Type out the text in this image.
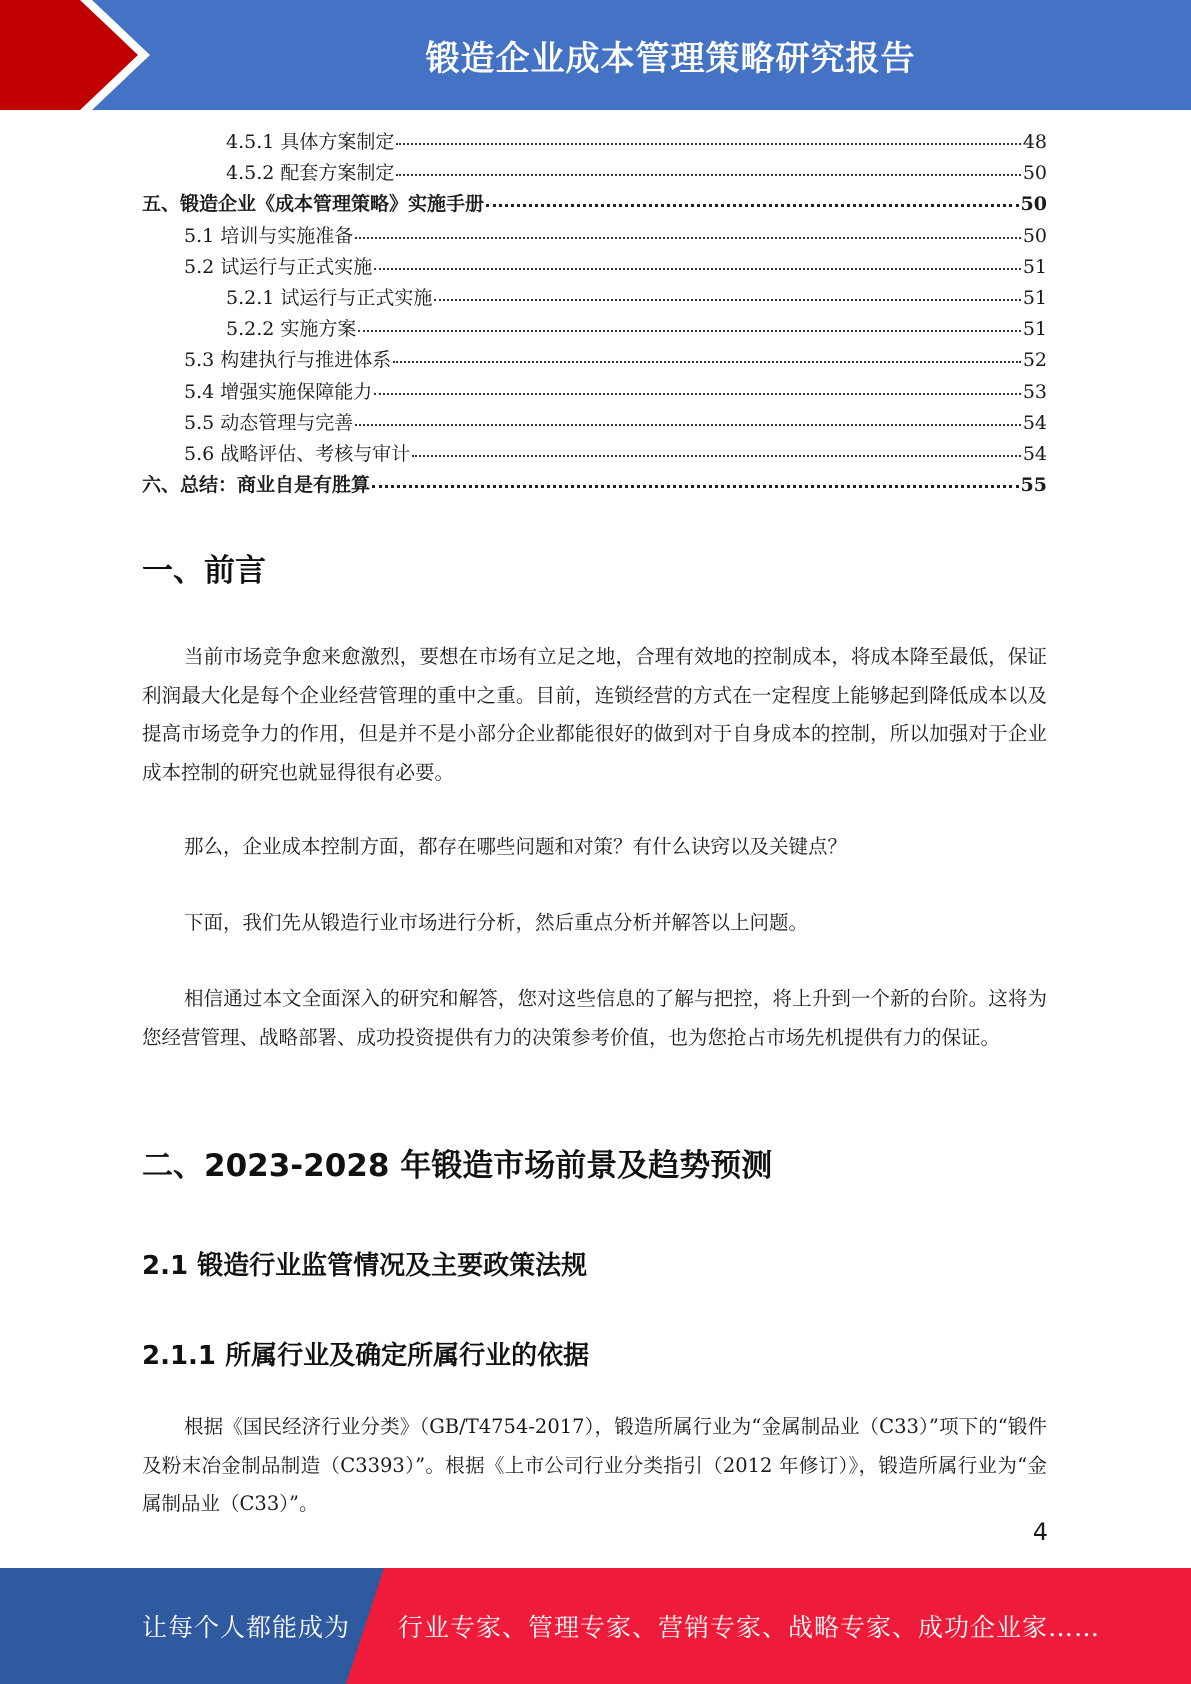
锻造企业成本管理策略研究报告
4.5.1 具体方案制定	48
4.5.2 配套方案制定	50
五、锻造企业《成本管理策略》实施手册	50
5.1 培训与实施准备	50
5.2 试运行与正式实施	51
5.2.1 试运行与正式实施	51
5.2.2 实施方案	51
5.3 构建执行与推进体系	52
5.4 增强实施保障能力	53
5.5 动态管理与完善	54
5.6 战略评估、考核与审计	54
六、总结：商业自是有胜算	55
一、前言

当前市场竞争愈来愈激烈，要想在市场有立足之地，合理有效地的控制成本，将成本降至最低，保证利润最大化是每个企业经营管理的重中之重。目前，连锁经营的方式在一定程度上能够起到降低成本以及提高市场竞争力的作用，但是并不是小部分企业都能很好的做到对于自身成本的控制，所以加强对于企业成本控制的研究也就显得很有必要。

那么，企业成本控制方面，都存在哪些问题和对策？有什么诀窍以及关键点？

下面，我们先从锻造行业市场进行分析，然后重点分析并解答以上问题。

相信通过本文全面深入的研究和解答，您对这些信息的了解与把控，将上升到一个新的台阶。这将为您经营管理、战略部署、成功投资提供有力的决策参考价值，也为您抢占市场先机提供有力的保证。

二、2023-2028 年锻造市场前景及趋势预测
2.1 锻造行业监管情况及主要政策法规
2.1.1 所属行业及确定所属行业的依据

根据《国民经济行业分类》（GB/T4754-2017），锻造所属行业为“金属制品业（C33）”项下的“锻件及粉末冶金制品制造（C3393）”。根据《上市公司行业分类指引（2012 年修订）》，锻造所属行业为“金属制品业（C33）”。

4
让每个人都能成为 行业专家、管理专家、营销专家、战略专家、成功企业家……
